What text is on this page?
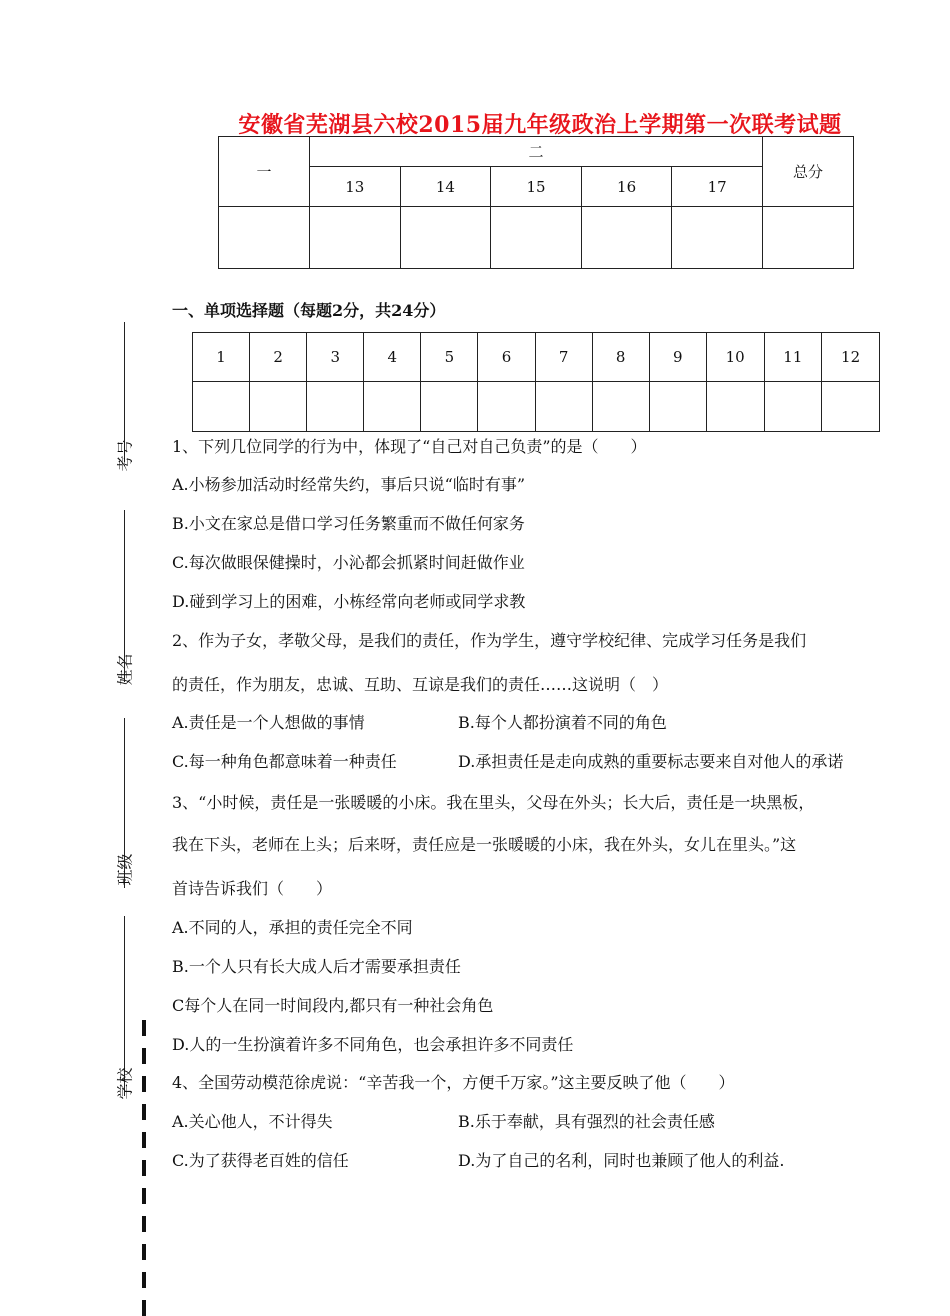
安徽省芜湖县六校2015届九年级政治上学期第一次联考试题
一	二					总分
	13	14	15	16	17	

一、单项选择题（每题2分，共24分）
1	2	3	4	5	6	7	8	9	10	11	12

考号
姓名
班级
学校
1、下列几位同学的行为中，体现了“自己对自己负责”的是（　　）
A.小杨参加活动时经常失约，事后只说“临时有事”
B.小文在家总是借口学习任务繁重而不做任何家务
C.每次做眼保健操时，小沁都会抓紧时间赶做作业
D.碰到学习上的困难，小栋经常向老师或同学求教
2、作为子女，孝敬父母，是我们的责任，作为学生，遵守学校纪律、完成学习任务是我们
的责任，作为朋友，忠诚、互助、互谅是我们的责任……这说明（　）
A.责任是一个人想做的事情	B.每个人都扮演着不同的角色
C.每一种角色都意味着一种责任	D.承担责任是走向成熟的重要标志要来自对他人的承诺
3、“小时候，责任是一张暖暖的小床。我在里头，父母在外头；长大后，责任是一块黑板，
我在下头，老师在上头；后来呀，责任应是一张暖暖的小床，我在外头，女儿在里头。”这
首诗告诉我们（　　）
A.不同的人，承担的责任完全不同
B.一个人只有长大成人后才需要承担责任
C每个人在同一时间段内,都只有一种社会角色
D.人的一生扮演着许多不同角色，也会承担许多不同责任
4、全国劳动模范徐虎说：“辛苦我一个，方便千万家。”这主要反映了他（　　）
A.关心他人，不计得失	B.乐于奉献，具有强烈的社会责任感
C.为了获得老百姓的信任	D.为了自己的名利，同时也兼顾了他人的利益.
